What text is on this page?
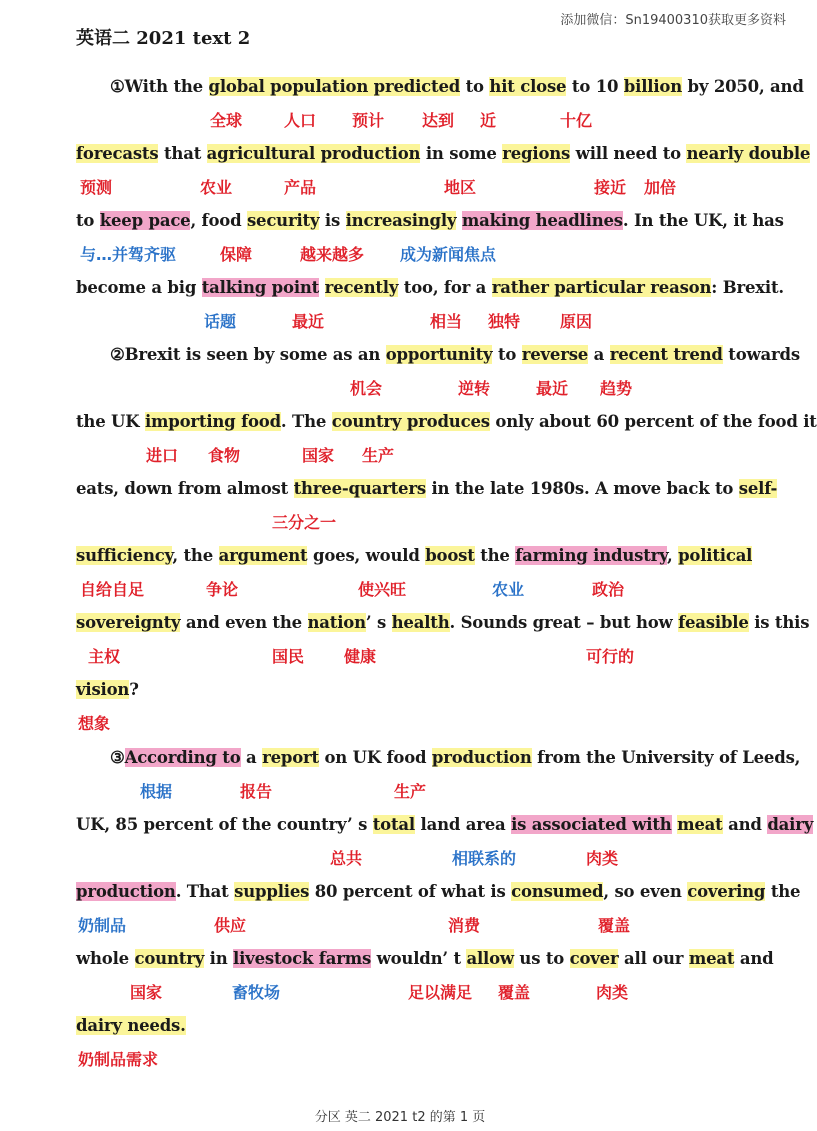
添加微信：Sn19400310获取更多资料
英语二 2021 text 2
①With the global population predicted to hit close to 10 billion by 2050, and
全球	人口 预计 达到 近	十亿
forecasts that agricultural production in some regions will need to nearly double
预测	农业	产品	地区	接近 加倍
to keep pace, food security is increasingly making headlines. In the UK, it has
与…并驾齐驱	保障	越来越多 成为新闻焦点
become a big talking point recently too, for a rather particular reason: Brexit.
话题	最近	相当 独特 原因
②Brexit is seen by some as an opportunity to reverse a recent trend towards
机会	逆转	最近 趋势
the UK importing food. The country produces only about 60 percent of the food it
进口 食物	国家 生产
eats, down from almost three-quarters in the late 1980s. A move back to self-
三分之一
sufficiency, the argument goes, would boost the farming industry, political
自给自足	争论	使兴旺	农业	政治
sovereignty and even the nation’ s health. Sounds great – but how feasible is this
主权	国民 健康	可行的
vision?
想象
③According to a report on UK food production from the University of Leeds,
根据	报告	生产
UK, 85 percent of the country’ s total land area is associated with meat and dairy
总共	相联系的	肉类
production. That supplies 80 percent of what is consumed, so even covering the
奶制品	供应	消费	覆盖
whole country in livestock farms wouldn’ t allow us to cover all our meat and
国家	畜牧场	足以满足 覆盖	肉类
dairy needs.
奶制品需求
分区 英二 2021 t2 的第 1 页
